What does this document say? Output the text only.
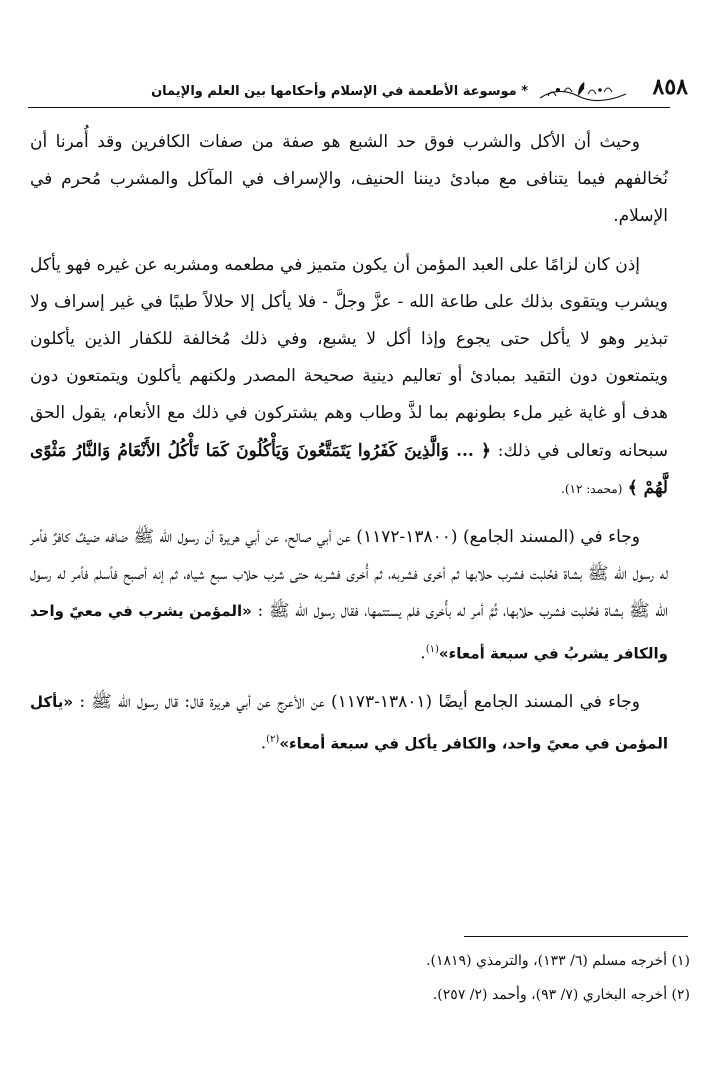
٨٥٨
* موسوعة الأطعمة في الإسلام وأحكامها بين العلم والإيمان

وحيث أن الأكل والشرب فوق حد الشبع هو صفة من صفات الكافرين وقد أُمرنا أن نُخالفهم فيما يتنافى مع مبادئ ديننا الحنيف، والإسراف في المآكل والمشرب مُحرم في الإسلام.

إذن كان لزامًا على العبد المؤمن أن يكون متميز في مطعمه ومشربه عن غيره فهو يأكل ويشرب ويتقوى بذلك على طاعة الله - عزَّ وجلَّ - فلا يأكل إلا حلالاً طيبًا في غير إسراف ولا تبذير وهو لا يأكل حتى يجوع وإذا أكل لا يشبع، وفي ذلك مُخالفة للكفار الذين يأكلون ويتمتعون دون التقيد بمبادئ أو تعاليم دينية صحيحة المصدر ولكنهم يأكلون ويتمتعون دون هدف أو غاية غير ملء بطونهم بما لذَّ وطاب وهم يشتركون في ذلك مع الأنعام، يقول الحق سبحانه وتعالى في ذلك: ﴿ ... وَالَّذِينَ كَفَرُوا يَتَمَتَّعُونَ وَيَأْكُلُونَ كَمَا تَأْكُلُ الأَنْعَامُ وَالنَّارُ مَثْوًى لَّهُمْ ﴾ (محمد: ١٢).

وجاء في (المسند الجامع) (١٣٨٠٠-١١٧٢) عن أبي صالح، عن أبي هريرة أن رسول الله ﷺ ضافه ضيفٌ كافرٌ فأمر له رسول الله ﷺ بشاة فحُلبت فشرب حلابها ثم أخرى فشربه، ثم أُخرى فشربه حتى شرب حلاب سبع شياه، ثم إنه أصبح فأسلم فأمر له رسول الله ﷺ بشاة فحُلبت فشرب حلابها، ثُمَّ أمر له بأُخرى فلم يستتمها، فقال رسول الله ﷺ : «المؤمن يشرب في معيً واحد والكافر يشربُ في سبعة أمعاء»$^{(١)}$.

وجاء في المسند الجامع أيضًا (١٣٨٠١-١١٧٣) عن الأعرج عن أبي هريرة قال: قال رسول الله ﷺ : «يأكل المؤمن في معيً واحد، والكافر يأكل في سبعة أمعاء»$^{(٢)}$.

(١) أخرجه مسلم (٦/ ١٣٣)، والترمذي (١٨١٩).

(٢) أخرجه البخاري (٧/ ٩٣)، وأحمد (٢/ ٢٥٧).
